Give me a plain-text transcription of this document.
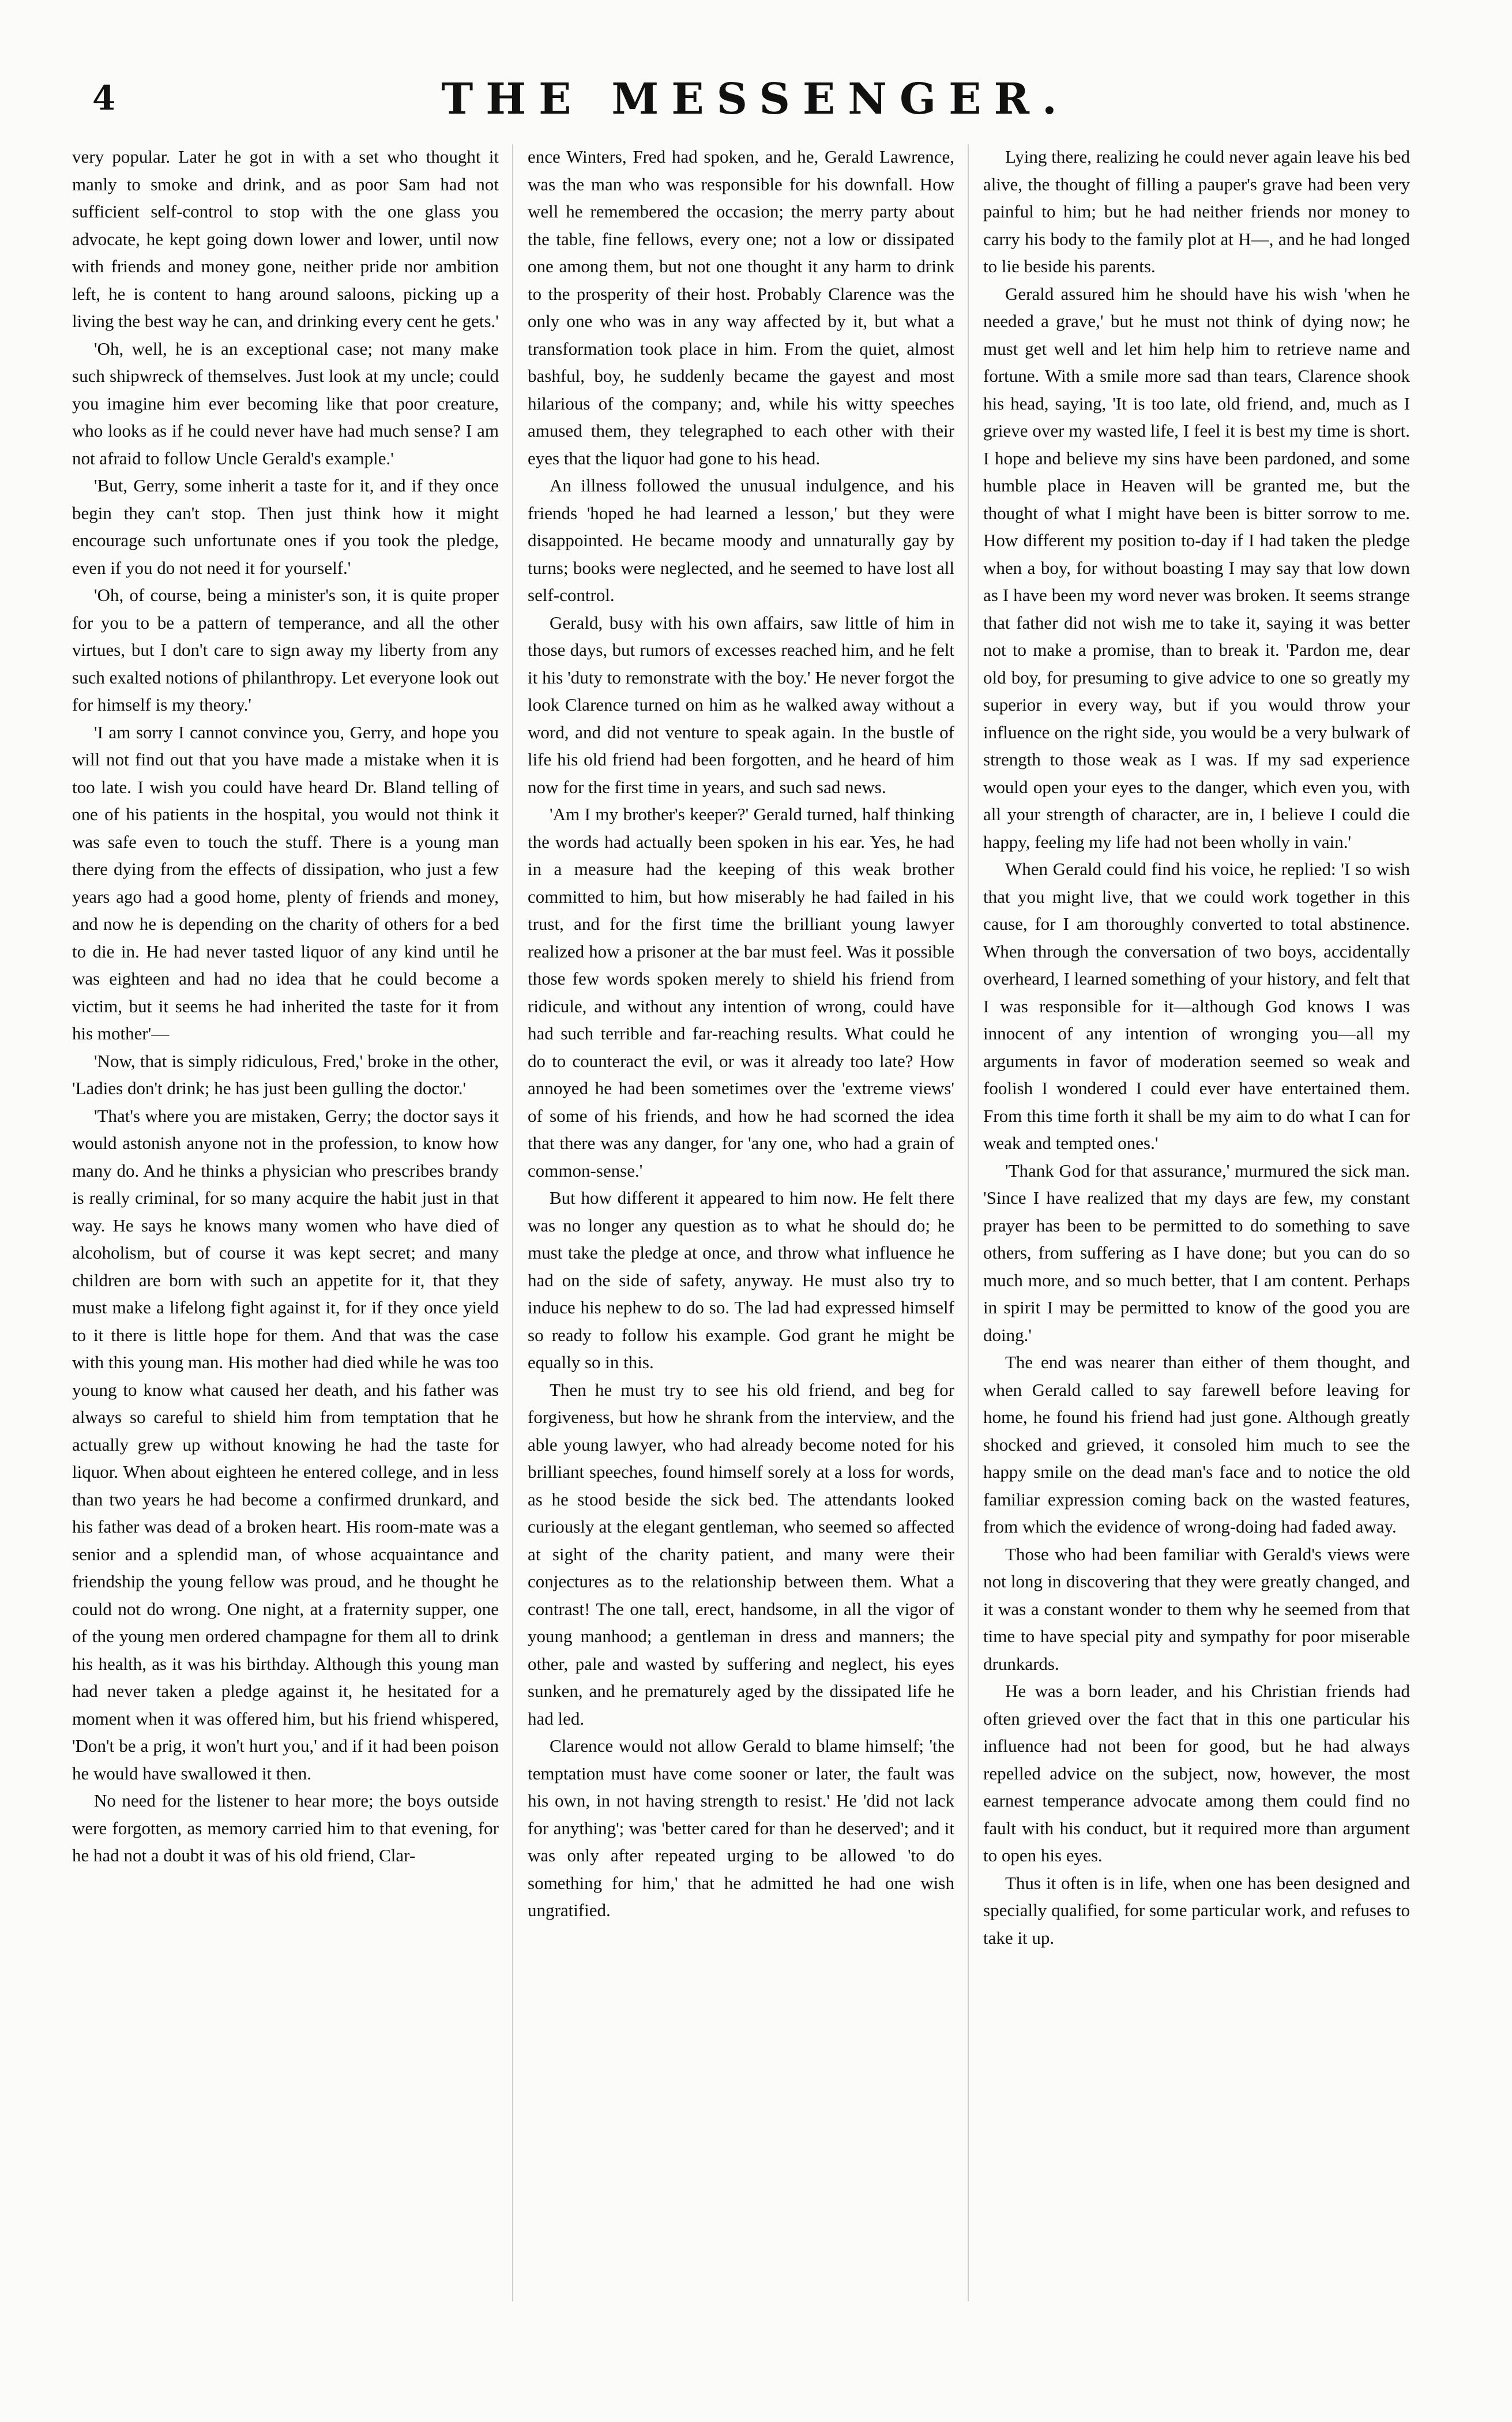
4	THE MESSENGER.

very popular. Later he got in with a set who thought it manly to smoke and drink, and as poor Sam had not sufficient self-control to stop with the one glass you advocate, he kept going down lower and lower, until now with friends and money gone, neither pride nor ambition left, he is content to hang around saloons, picking up a living the best way he can, and drinking every cent he gets.'

'Oh, well, he is an exceptional case; not many make such shipwreck of themselves. Just look at my uncle; could you imagine him ever becoming like that poor creature, who looks as if he could never have had much sense? I am not afraid to follow Uncle Gerald's example.'

'But, Gerry, some inherit a taste for it, and if they once begin they can't stop. Then just think how it might encourage such unfortunate ones if you took the pledge, even if you do not need it for yourself.'

'Oh, of course, being a minister's son, it is quite proper for you to be a pattern of temperance, and all the other virtues, but I don't care to sign away my liberty from any such exalted notions of philanthropy. Let everyone look out for himself is my theory.'

'I am sorry I cannot convince you, Gerry, and hope you will not find out that you have made a mistake when it is too late. I wish you could have heard Dr. Bland telling of one of his patients in the hospital, you would not think it was safe even to touch the stuff. There is a young man there dying from the effects of dissipation, who just a few years ago had a good home, plenty of friends and money, and now he is depending on the charity of others for a bed to die in. He had never tasted liquor of any kind until he was eighteen and had no idea that he could become a victim, but it seems he had inherited the taste for it from his mother'—

'Now, that is simply ridiculous, Fred,' broke in the other, 'Ladies don't drink; he has just been gulling the doctor.'

'That's where you are mistaken, Gerry; the doctor says it would astonish anyone not in the profession, to know how many do. And he thinks a physician who prescribes brandy is really criminal, for so many acquire the habit just in that way. He says he knows many women who have died of alcoholism, but of course it was kept secret; and many children are born with such an appetite for it, that they must make a lifelong fight against it, for if they once yield to it there is little hope for them. And that was the case with this young man. His mother had died while he was too young to know what caused her death, and his father was always so careful to shield him from temptation that he actually grew up without knowing he had the taste for liquor. When about eighteen he entered college, and in less than two years he had become a confirmed drunkard, and his father was dead of a broken heart. His room-mate was a senior and a splendid man, of whose acquaintance and friendship the young fellow was proud, and he thought he could not do wrong. One night, at a fraternity supper, one of the young men ordered champagne for them all to drink his health, as it was his birthday. Although this young man had never taken a pledge against it, he hesitated for a moment when it was offered him, but his friend whispered, 'Don't be a prig, it won't hurt you,' and if it had been poison he would have swallowed it then.

No need for the listener to hear more; the boys outside were forgotten, as memory carried him to that evening, for he had not a doubt it was of his old friend, Clar-

ence Winters, Fred had spoken, and he, Gerald Lawrence, was the man who was responsible for his downfall. How well he remembered the occasion; the merry party about the table, fine fellows, every one; not a low or dissipated one among them, but not one thought it any harm to drink to the prosperity of their host. Probably Clarence was the only one who was in any way affected by it, but what a transformation took place in him. From the quiet, almost bashful, boy, he suddenly became the gayest and most hilarious of the company; and, while his witty speeches amused them, they telegraphed to each other with their eyes that the liquor had gone to his head.

An illness followed the unusual indulgence, and his friends 'hoped he had learned a lesson,' but they were disappointed. He became moody and unnaturally gay by turns; books were neglected, and he seemed to have lost all self-control.

Gerald, busy with his own affairs, saw little of him in those days, but rumors of excesses reached him, and he felt it his 'duty to remonstrate with the boy.' He never forgot the look Clarence turned on him as he walked away without a word, and did not venture to speak again. In the bustle of life his old friend had been forgotten, and he heard of him now for the first time in years, and such sad news.

'Am I my brother's keeper?' Gerald turned, half thinking the words had actually been spoken in his ear. Yes, he had in a measure had the keeping of this weak brother committed to him, but how miserably he had failed in his trust, and for the first time the brilliant young lawyer realized how a prisoner at the bar must feel. Was it possible those few words spoken merely to shield his friend from ridicule, and without any intention of wrong, could have had such terrible and far-reaching results. What could he do to counteract the evil, or was it already too late? How annoyed he had been sometimes over the 'extreme views' of some of his friends, and how he had scorned the idea that there was any danger, for 'any one, who had a grain of common-sense.'

But how different it appeared to him now. He felt there was no longer any question as to what he should do; he must take the pledge at once, and throw what influence he had on the side of safety, anyway. He must also try to induce his nephew to do so. The lad had expressed himself so ready to follow his example. God grant he might be equally so in this.

Then he must try to see his old friend, and beg for forgiveness, but how he shrank from the interview, and the able young lawyer, who had already become noted for his brilliant speeches, found himself sorely at a loss for words, as he stood beside the sick bed. The attendants looked curiously at the elegant gentleman, who seemed so affected at sight of the charity patient, and many were their conjectures as to the relationship between them. What a contrast! The one tall, erect, handsome, in all the vigor of young manhood; a gentleman in dress and manners; the other, pale and wasted by suffering and neglect, his eyes sunken, and he prematurely aged by the dissipated life he had led.

Clarence would not allow Gerald to blame himself; 'the temptation must have come sooner or later, the fault was his own, in not having strength to resist.' He 'did not lack for anything'; was 'better cared for than he deserved'; and it was only after repeated urging to be allowed 'to do something for him,' that he admitted he had one wish ungratified.

Lying there, realizing he could never again leave his bed alive, the thought of filling a pauper's grave had been very painful to him; but he had neither friends nor money to carry his body to the family plot at H—, and he had longed to lie beside his parents.

Gerald assured him he should have his wish 'when he needed a grave,' but he must not think of dying now; he must get well and let him help him to retrieve name and fortune. With a smile more sad than tears, Clarence shook his head, saying, 'It is too late, old friend, and, much as I grieve over my wasted life, I feel it is best my time is short. I hope and believe my sins have been pardoned, and some humble place in Heaven will be granted me, but the thought of what I might have been is bitter sorrow to me. How different my position to-day if I had taken the pledge when a boy, for without boasting I may say that low down as I have been my word never was broken. It seems strange that father did not wish me to take it, saying it was better not to make a promise, than to break it. 'Pardon me, dear old boy, for presuming to give advice to one so greatly my superior in every way, but if you would throw your influence on the right side, you would be a very bulwark of strength to those weak as I was. If my sad experience would open your eyes to the danger, which even you, with all your strength of character, are in, I believe I could die happy, feeling my life had not been wholly in vain.'

When Gerald could find his voice, he replied: 'I so wish that you might live, that we could work together in this cause, for I am thoroughly converted to total abstinence. When through the conversation of two boys, accidentally overheard, I learned something of your history, and felt that I was responsible for it—although God knows I was innocent of any intention of wronging you—all my arguments in favor of moderation seemed so weak and foolish I wondered I could ever have entertained them. From this time forth it shall be my aim to do what I can for weak and tempted ones.'

'Thank God for that assurance,' murmured the sick man. 'Since I have realized that my days are few, my constant prayer has been to be permitted to do something to save others, from suffering as I have done; but you can do so much more, and so much better, that I am content. Perhaps in spirit I may be permitted to know of the good you are doing.'

The end was nearer than either of them thought, and when Gerald called to say farewell before leaving for home, he found his friend had just gone. Although greatly shocked and grieved, it consoled him much to see the happy smile on the dead man's face and to notice the old familiar expression coming back on the wasted features, from which the evidence of wrong-doing had faded away.

Those who had been familiar with Gerald's views were not long in discovering that they were greatly changed, and it was a constant wonder to them why he seemed from that time to have special pity and sympathy for poor miserable drunkards.

He was a born leader, and his Christian friends had often grieved over the fact that in this one particular his influence had not been for good, but he had always repelled advice on the subject, now, however, the most earnest temperance advocate among them could find no fault with his conduct, but it required more than argument to open his eyes.

Thus it often is in life, when one has been designed and specially qualified, for some particular work, and refuses to take it up.
